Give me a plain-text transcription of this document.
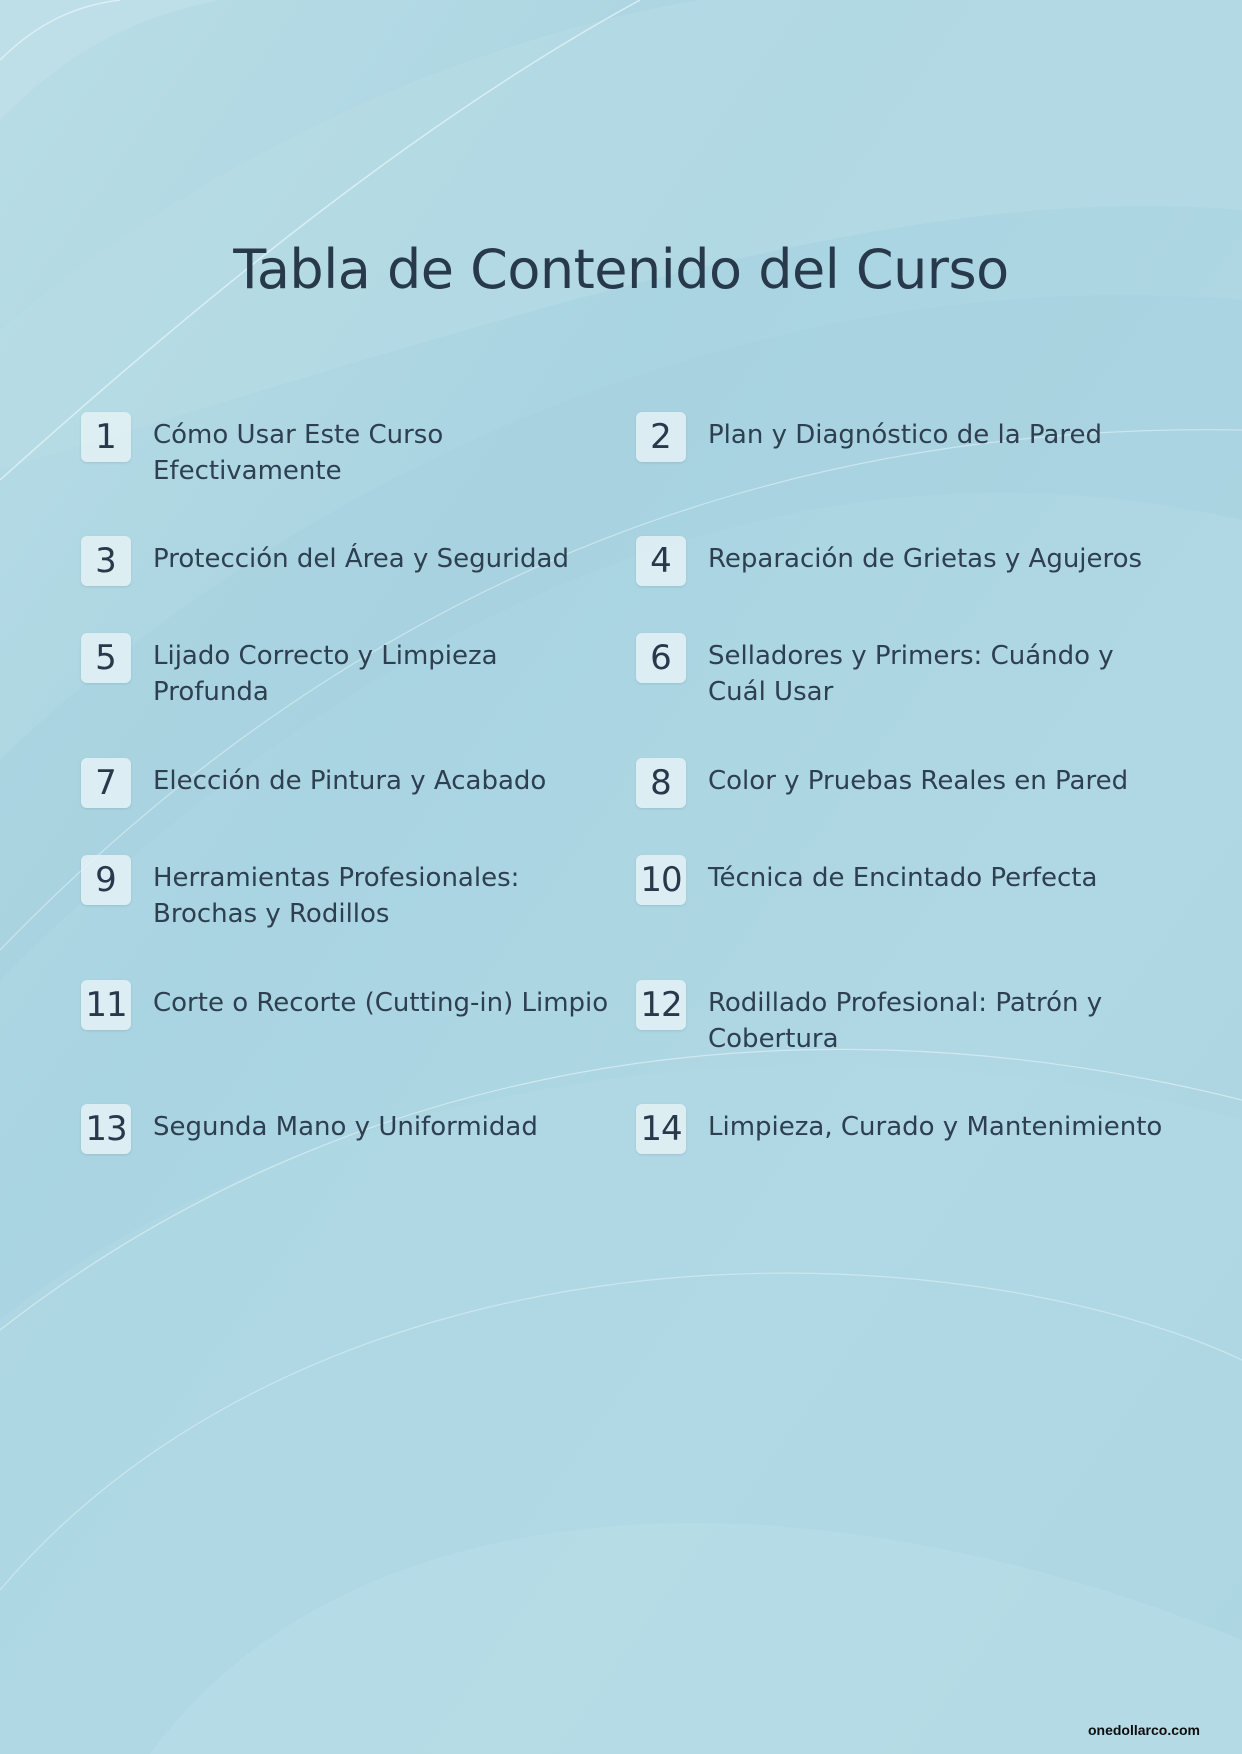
Tabla de Contenido del Curso
1	Cómo Usar Este Curso Efectivamente
2	Plan y Diagnóstico de la Pared
3	Protección del Área y Seguridad	4	Reparación de Grietas y Agujeros
5	Lijado Correcto y Limpieza Profunda
6	Selladores y Primers: Cuándo y Cuál Usar
7	Elección de Pintura y Acabado	8	Color y Pruebas Reales en Pared
9	Herramientas Profesionales: Brochas y Rodillos
10 Técnica de Encintado Perfecta
11 Corte o Recorte (Cutting-in) Limpio 12 Rodillado Profesional: Patrón y Cobertura
13 Segunda Mano y Uniformidad	14 Limpieza, Curado y Mantenimiento
onedollarco.com
